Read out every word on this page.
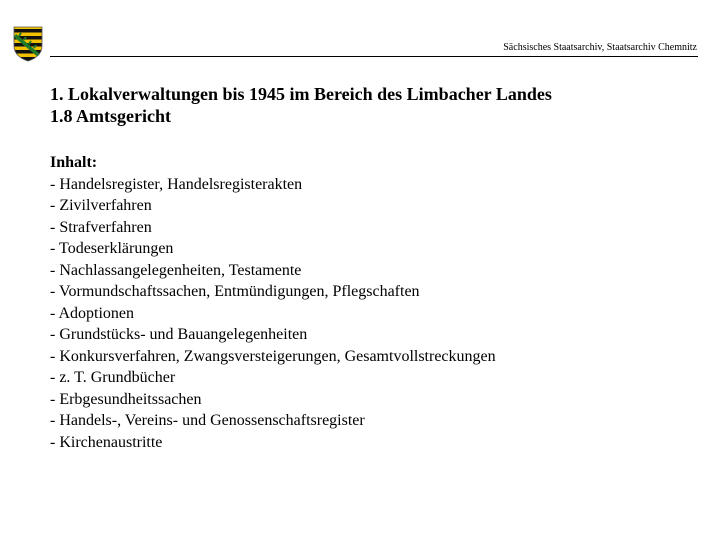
Sächsisches Staatsarchiv, Staatsarchiv Chemnitz
1. Lokalverwaltungen bis 1945 im Bereich des Limbacher Landes
1.8 Amtsgericht
Inhalt:
- Handelsregister, Handelsregisterakten
- Zivilverfahren
- Strafverfahren
- Todeserklärungen
- Nachlassangelegenheiten, Testamente
- Vormundschaftssachen, Entmündigungen, Pflegschaften
- Adoptionen
- Grundstücks- und Bauangelegenheiten
- Konkursverfahren, Zwangsversteigerungen, Gesamtvollstreckungen
- z. T. Grundbücher
- Erbgesundheitssachen
- Handels-, Vereins- und Genossenschaftsregister
- Kirchenaustritte
